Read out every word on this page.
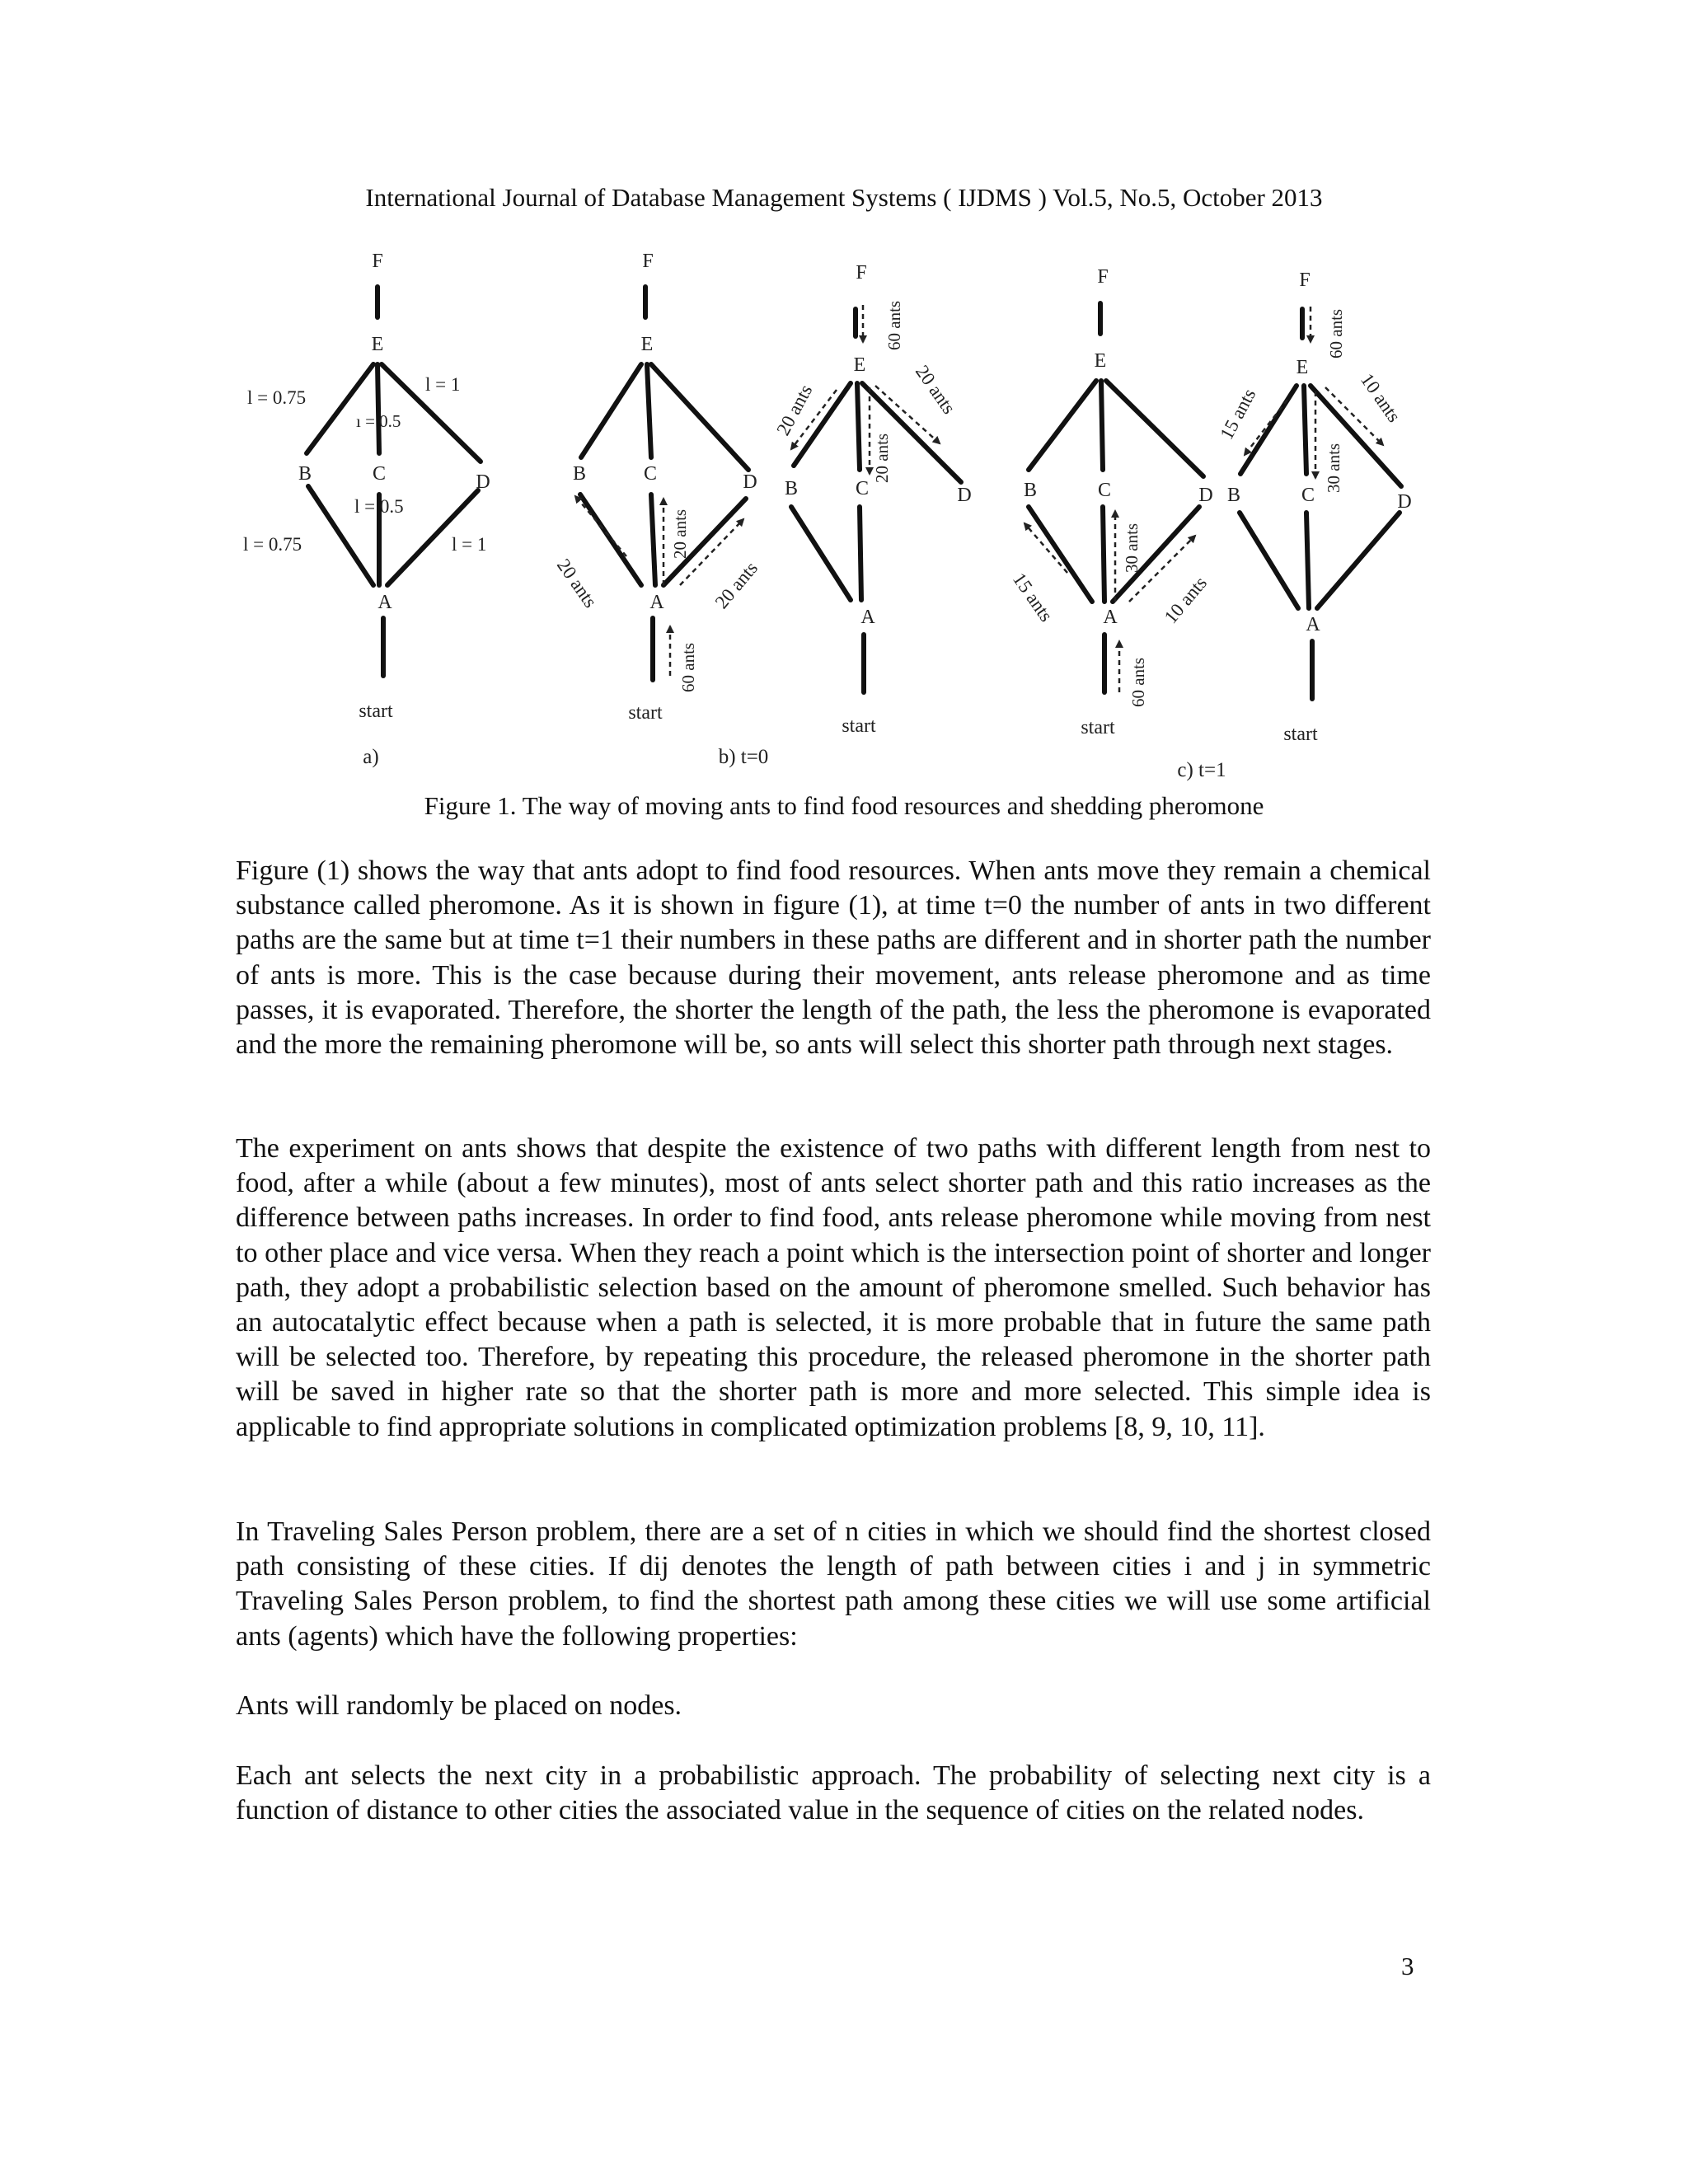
International Journal of Database Management Systems ( IJDMS ) Vol.5, No.5, October 2013
F
E
B	C	D
A
start
l = 0.75
ı = 0.5
l = 1
l = 0.5
l = 0.75	l = 1
a)
F
E
B	C	D
A
start
20 ants
20 ants
20 ants
60 ants
F
E
B	C	D
A
start
60 ants
20 ants
20 ants
20 ants
b) t=0
F
E
B	C	D
A
start
15 ants
30 ants
10 ants
60 ants
F
E
B	C	D
A
start
60 ants
15 ants
30 ants
10 ants
c) t=1
Figure 1. The way of moving ants to find food resources and shedding pheromone

Figure (1) shows the way that ants adopt to find food resources. When ants move they remain a chemical substance called pheromone. As it is shown in figure (1), at time t=0 the number of ants in two different paths are the same but at time t=1 their numbers in these paths are different and in shorter path the number of ants is more. This is the case because during their movement, ants release pheromone and as time passes, it is evaporated. Therefore, the shorter the length of the path, the less the pheromone is evaporated and the more the remaining pheromone will be, so ants will select this shorter path through next stages.

The experiment on ants shows that despite the existence of two paths with different length from nest to food, after a while (about a few minutes), most of ants select shorter path and this ratio increases as the difference between paths increases. In order to find food, ants release pheromone while moving from nest to other place and vice versa. When they reach a point which is the intersection point of shorter and longer path, they adopt a probabilistic selection based on the amount of pheromone smelled. Such behavior has an autocatalytic effect because when a path is selected, it is more probable that in future the same path will be selected too. Therefore, by repeating this procedure, the released pheromone in the shorter path will be saved in higher rate so that the shorter path is more and more selected. This simple idea is applicable to find appropriate solutions in complicated optimization problems [8, 9, 10, 11].

In Traveling Sales Person problem, there are a set of n cities in which we should find the shortest closed path consisting of these cities. If dij denotes the length of path between cities i and j in symmetric Traveling Sales Person problem, to find the shortest path among these cities we will use some artificial ants (agents) which have the following properties:

Ants will randomly be placed on nodes.

Each ant selects the next city in a probabilistic approach. The probability of selecting next city is a function of distance to other cities the associated value in the sequence of cities on the related nodes.

3
